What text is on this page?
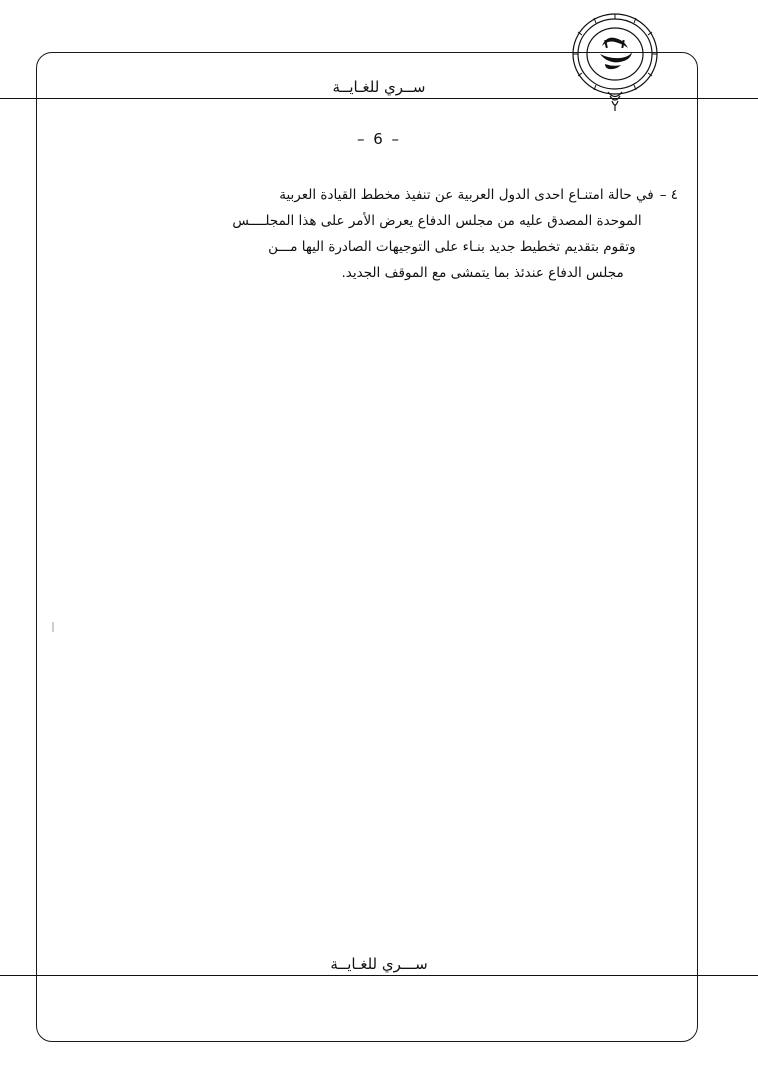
ســري للغـايــة
– 6 –
٤ –
في حالة امتنـاع احدى الدول العربية عن تنفيذ مخطط القيادة العربية
الموحدة المصدق عليه من مجلس الدفاع يعرض الأمر على هذا المجلــــس
وتقوم بتقديم تخطيط جديد بنـاء على التوجيهات الصادرة اليها مـــن
مجلس الدفاع عندئذ بما يتمشى مع الموقف الجديد.
ســـري للغـايــة
